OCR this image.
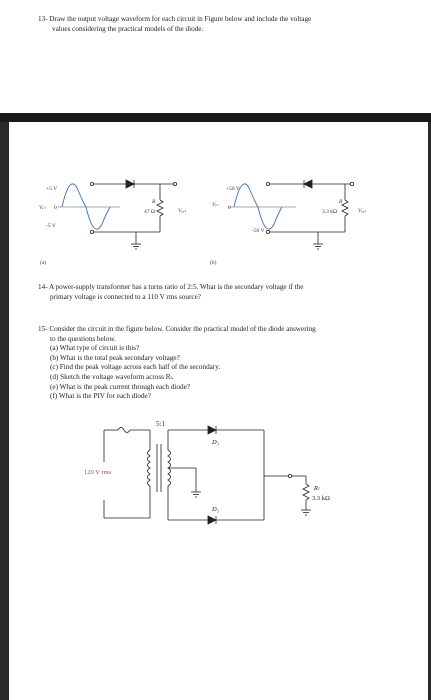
13- Draw the output voltage waveform for each circuit in Figure below and include the voltage
values considering the practical models of the diode.
+5 V
0
-5 V
Vᵢₙ
R
47 Ω	Vₒᵤₜ
(a)
+50 V
0
-50 V
Vᵢₙ	R
3.3 kΩ	Vₒᵤₜ
(b)
5:1
120 V rms
D₁
D₂
Rₗ
3.3 kΩ
14- A power-supply transformer has a turns ratio of 2:5. What is the secondary voltage if the
primary voltage is connected to a 110 V rms source?
15- Consider the circuit in the figure below. Consider the practical model of the diode answering
to the questions below.
(a) What type of circuit is this?
(b) What is the total peak secondary voltage?
(c) Find the peak voltage across each half of the secondary.
(d) Sketch the voltage waveform across Rₗ.
(e) What is the peak current through each diode?
(f) What is the PIV for each diode?
